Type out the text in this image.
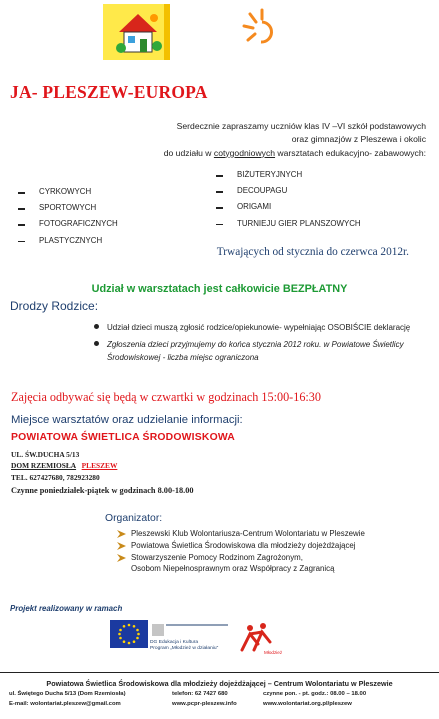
JA- PLESZEW-EUROPA
Serdecznie zapraszamy uczniów klas IV –VI szkół podstawowych
oraz gimnazjów z Pleszewa i okolic
do udziału w cotygodniowych warsztatach edukacyjno- zabawowych:
CYRKOWYCH
SPORTOWYCH
FOTOGRAFICZNYCH
PLASTYCZNYCH
BIŻUTERYJNYCH
DECOUPAGU
ORIGAMI
TURNIEJU GIER PLANSZOWYCH
Trwających od stycznia do czerwca 2012r.
Udział w warsztatach jest całkowicie BEZPŁATNY
Drodzy Rodzice:
Udział dzieci muszą zgłosić rodzice/opiekunowie- wypełniając OSOBIŚCIE deklarację
Zgłoszenia dzieci przyjmujemy do końca stycznia 2012 roku. w Powiatowe Świetlicy Środowiskowej - liczba miejsc ograniczona
Zajęcia odbywać się będą w czwartki w godzinach 15:00-16:30
Miejsce warsztatów oraz udzielanie informacji:
POWIATOWA ŚWIETLICA ŚRODOWISKOWA
UL. ŚW.DUCHA 5/13
DOM RZEMIOSŁA PLESZEW
TEL. 627427680, 782923280
Czynne poniedziałek-piątek w godzinach 8.00-18.00
Organizator:
Pleszewski Klub Wolontariusza-Centrum Wolontariatu w Pleszewie
Powiatowa Świetlica Środowiskowa dla młodzieży dojeżdżającej
Stowarzyszenie Pomocy Rodzinom Zagrożonym,
Osobom Niepełnosprawnym oraz Współpracy z Zagranicą
Projekt realizowany w ramach
DG Edukacja i Kultura
Program „Młodzież w działaniu”
Młodzież
Powiatowa Świetlica Środowiskowa dla młodzieży dojeżdżającej – Centrum Wolontariatu w Pleszewie
ul. Świętego Ducha 5/13 (Dom Rzemiosła)	telefon: 62 7427 680	czynne pon. - pt. godz.: 08.00 – 18.00
E-mail: wolontariat.pleszew@gmail.com	www.pcpr-pleszew.info	www.wolontariat.org.pl/pleszew
